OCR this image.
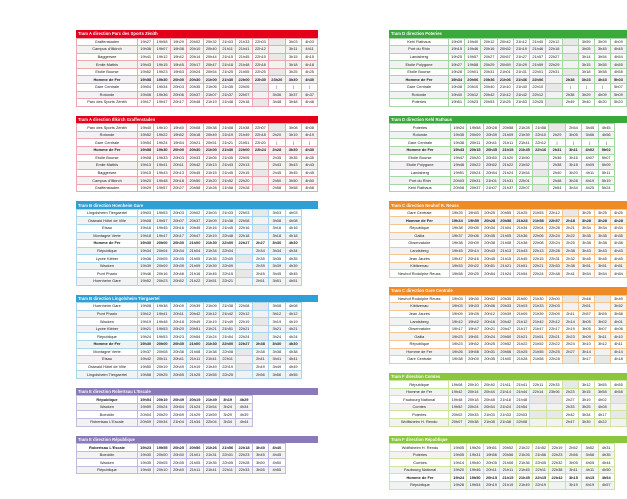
Tram A direction Parc des Sports Zénith
Graffenstaden	19h27	19h58	19h29	20h02	20h32	21h03	21h33	22h03		3h03	4h03
Campus d'Illkirch	19h36	19h07	19h38	20h10	20h40	21h11	21h41	22h12		3h11	4h11
Baggersee	19h41	19h12	19h42	20h14	20h44	21h15	21h45	22h15		3h15	4h15
Emile Mathis	19h43	19h15	19h45	20h17	20h47	21h18	21h48	22h18		3h18	4h18
Etoile Bourse	19h52	19h23	19h53	20h24	20h54	21h25	21h55	22h25		3h25	4h25
Homme de Fer	19h58	19h30	20h00	20h30	21h00	21h30	22h00	22h30	23h20	3h30	4h30
Gare Centrale	19h04	19h34	20h03	20h35	21h05	21h35	22h05		|	|	|
Rotonde	19h06	19h36	20h06	20h37	21h07	21h37	22h07		3h36	3h37	4h37
Parc des Sports Zénith	19h17	19h47	20h17	20h48	21h19	21h48	22h18		3h48	3h48	4h48
Tram A direction Illkirch Graffenstaden
Parc des Sports Zénith	19h40	19h10	19h40	20h08	20h38	21h08	21h38	22h07		3h08	4h08
Rotonde	19h52	19h22	19h52	20h18	20h49	21h19	21h49	22h18	2h20	3h19	4h19
Gare Centrale	19h54	19h24	19h54	20h21	20h51	21h21	21h51	22h20	|	|	|
Homme de Fer	19h58	19h30	20h00	20h30	21h00	21h30	22h00	22h24	2h28	3h30	4h30
Etoile Bourse	19h08	19h33	20h03	20h33	21h05	21h35	22h05		2h35	3h35	4h35
Emile Mathis	19h13	19h41	20h11	20h42	21h13	21h43	22h13		2h43	3h43	4h43
Baggersee	19h15	19h43	20h13	20h45	21h15	21h45	22h15		2h45	3h45	4h45
Campus d'Illkirch	19h20	19h48	20h18	20h50	21h20	21h52	22h20		2h50	3h50	4h50
Graffenstaden	19h29	19h57	20h27	20h58	21h28	21h58	22h28		2h58	3h58	4h58
Tram B direction Hoenheim Gare
Lingolsheim Tiergaertel	19h03	19h53	20h03	20h02	21h03	21h33	22h03		3h03	4h03
Ostwald Hôtel de Ville	19h08	19h57	20h07	20h37	21h09	21h38	22h08		3h08	4h08
Etsau	19h16	19h45	20h16	20h45	21h16	21h45	22h16		3h16	4h16
Montagne Verte	19h18	19h47	20h17	20h47	21h19	22h48	22h18		3h18	4h18
Homme de Fer	19h30	20h00	20h30	21h00	21h30	22h00	22h27	2h27	3h30	4h30
République	19h34	20h04	20h34	21h04	21h34	22h04		2h34	3h34	4h34
Lycée Kléber	19h36	20h05	20h35	21h05	21h35	22h05		2h35	3h35	4h35
Wacken	19h39	20h09	20h39	21h09	21h39	22h09		2h39	3h39	4h39
Pont Phario	19h46	20h16	20h46	21h16	21h45	22h15		2h45	3h45	4h45
Hoenheim Gare	19h52	20h23	20h52	21h22	21h51	22h21		2h51	3h51	4h51
Tram B direction Lingolsheim Tiergaertel
Hoenheim Gare	19h08	19h38	20h09	20h39	21h09	21h38	22h08		3h08	4h08
Pont Phario	19h12	19h41	20h11	20h42	21h12	21h42	22h12		3h12	4h12
Wacken	19h19	19h48	20h18	20h49	21h19	21h49	22h19		3h19	4h19
Lycée Kléber	19h21	19h53	20h20	20h51	21h21	21h51	22h21		3h21	4h21
République	19h24	19h53	20h23	20h54	21h24	21h54	22h24		3h24	4h24
Homme de Fer	19h30	20h00	20h30	21h00	21h30	22h00	22h27	2h38	3h30	4h30
Montagne Verte	19h37	20h08	20h38	21h08	21h38	22h08		2h38	3h38	4h38
Etsau	19h42	20h11	20h41	21h11	21h41	22h11		2h41	3h41	4h41
Ostwald Hôtel de Ville	19h50	20h19	20h49	21h19	21h49	22h19		2h49	3h49	4h49
Lingolsheim Tiergaertel	19h58	20h25	20h55	21h25	21h55	22h25		2h56	3h56	4h55
Tram E direction Robertsau L'Escale
République	19h54	20h19	20h49	20h19	21h49	3h19	4h29
Wacken	19h59	20h24	20h54	21h24	21h54	3h24	4h34
Boecklin	20h04	20h29	20h59	21h29	21h59	3h29	4h39
Robertsau L'Escale	20h09	20h34	21h04	21h34	22h04	3h34	4h44
Tram E direction République
Robertsau L'Escale	19h23	19h55	20h25	20h56	21h26	21h56	22h18	3h40	4h40
Boecklin	19h30	20h00	20h30	21h01	21h31	22h01	22h23	3h45	4h45
Wacken	19h35	20h05	20h35	21h05	21h35	22h05	22h28	3h50	4h50
République	19h40	20h10	20h40	21h11	21h41	22h11	22h33	3h55	4h55
Tram D direction Poteries
Kehl Rathaus	19h09	19h40	20h12	20h42	21h12	21h40	22h12		3h59	3h09	4h09
Port du Rhin	19h15	19h46	20h16	20h52	21h19	21h46	22h18		3h05	3h45	4h45
Landsberg	19h25	19h57	20h27	20h57	21h27	21h57	22h27		3h14	3h54	4h54
Etoile Polygone	19h27	19h58	20h29	20h59	21h29	21h59	22h29		3h15	3h55	4h55
Etoile Bourse	19h28	20h01	20h31	21h01	21h31	22h01	22h31		3h18	3h58	4h58
Homme de Fer	19h34	20h06	20h36	21h06	21h36	22h06		2h38	3h23	4h43	5h03
Gare Centrale	19h38	20h10	20h40	21h10	21h40	22h10		|	|	|	5h07
Rotonde	19h40	20h12	20h42	21h12	21h42	22h12		2h38	3h29	4h09	5h09
Poteries	19h51	20h23	20h53	21h25	21h53	22h25		2h49	3h40	4h20	5h20
Tram D direction Kehl Rathaus
Poteries	19h24	19h58	20h28	20h58	21h28	21h58		2h54	3h45	4h45
Rotonde	19h35	20h09	20h39	21h09	21h39	22h10	2h29	3h05	3h56	4h56
Gare Centrale	19h38	20h11	20h41	21h11	21h41	22h12	|	|	|	|
Homme de Fer	19h43	20h15	20h45	21h15	21h45	22h16	2h31	3h11	4h02	5h02
Etoile Bourse	19h47	20h20	20h50	21h20	21h50		2h36	3h16	4h07	5h07
Etoile Polygone	19h48	20h22	20h52	21h22	21h52		2h38	3h18	4h09	5h09
Landsberg	19h51	20h24	20h54	21h24	21h54		2h40	3h20	4h11	5h11
Port du Rhin	20h03	20h31	21h01	21h31	22h01		2h48	3h28	4h19	5h19
Kehl Rathaus	20h08	20h37	21h07	21h37	22h07		2h54	3h34	4h25	5h24
Tram C direction Neuhof R. Reuss
Gare Centrale	19h25	19h53	20h25	20h55	21h25	21h53	22h12		3h25	3h25	4h25
Homme de Fer	19h34	19h59	20h28	20h58	21h28	21h58	22h57	2h18	3h28	3h28	4h28
République	19h38	20h05	20h34	21h04	21h34	22h04	22h28	2h21	3h34	3h34	4h34
Gallia	19h37	20h06	20h35	21h05	21h36	22h06	22h24	2h22	3h35	3h35	4h35
Observatoire	19h38	20h09	20h38	21h08	21h38	22h08	22h24	2h25	3h38	3h38	4h38
Landsberg	19h45	20h14	20h43	21h13	21h43	22h13	22h28	2h38	3h43	3h43	4h43
Jean Jaurès	19h47	20h16	20h45	21h15	21h45	22h15	22h31	2h32	3h45	3h45	4h45
Kibitzenau	19h53	20h22	20h51	21h21	21h51	22h21	22h53	2h38	3h51	3h51	4h51
Neuhof Rodolphe Reuss	19h58	20h25	20h54	21h24	21h54	22h24	22h48	2h41	3h54	3h54	4h54
Tram C direction Gare Centrale
Neuhof Rodolphe Reuss	19h03	19h30	20h02	20h30	21h00	21h30	22h00		2h48		3h49
Kibitzenau	19h03	19h33	20h06	20h33	21h03	21h33	22h03		2h51		3h52
Jean Jaurès	19h09	19h39	20h12	20h39	21h09	21h39	22h09	2h11	2h57	3h59	3h58
Landsberg	19h12	19h42	20h16	20h42	21h12	21h42	22h12	2h14	3h05	3h02	4h01
Observatoire	19h17	19h47	20h21	20h47	21h17	21h47	22h17	2h19	3h05	3h07	4h06
Gallia	19h23	19h51	20h24	20h50	21h21	21h51	22h21	2h23	3h09	3h11	4h10
République	19h23	19h52	20h25	20h52	21h22	21h52	22h22	2h24	3h10	3h12	4h11
Homme de Fer	19h26	19h56	20h31	20h56	21h25	21h55	22h25	2h27	3h14		4h14
Gare Centrale	19h38	20h00	20h35	21h00	21h28	21h58	22h28		3h17		4h18
Tram F direction Comtes
République	19h08	20h10	20h40	21h11	21h41	22h11	22h33		3h12	3h55	4h55
Homme de Fer	19h42	20h14	20h44	21h14	21h44	22h14	23h06	2h23	3h15	3h58	4h58
Faubourg National	19h48	20h18	20h48	21h18	21h48			2h27	3h19	4h02	
Comtes	19h52	20h24	20h54	21h24	21h54			2h33	3h25	4h08	
Poteries	20h02	20h33	21h03	21h33	22h03			2h42	3h34	4h17	
Wolfisheim H. Rendu	20h07	20h38	21h08	21h38	22h08			2h47	3h39	4h22	
Tram F direction République
Wolfisheim H. Rendu	19h05	19h26	19h51	20h52	21h22	21h52	22h19	2h52	3h52	4h31
Poteries	19h05	19h31	19h56	20h56	21h26	21h56	22h23	2h56	3h56	4h35
Comtes	19h14	19h40	20h05	21h06	21h36	22h05	22h32	3h05	4h05	4h44
Faubourg National	19h20	19h46	20h11	21h11	21h45	22h11	22h38	3h11	4h11	4h50
Homme de Fer	19h24	19h50	20h15	21h15	21h45	22h15	22h42	3h15	4h15	4h54
République	19h28	19h54	20h19	21h19	21h49	22h19		3h19	4h19	4h57
